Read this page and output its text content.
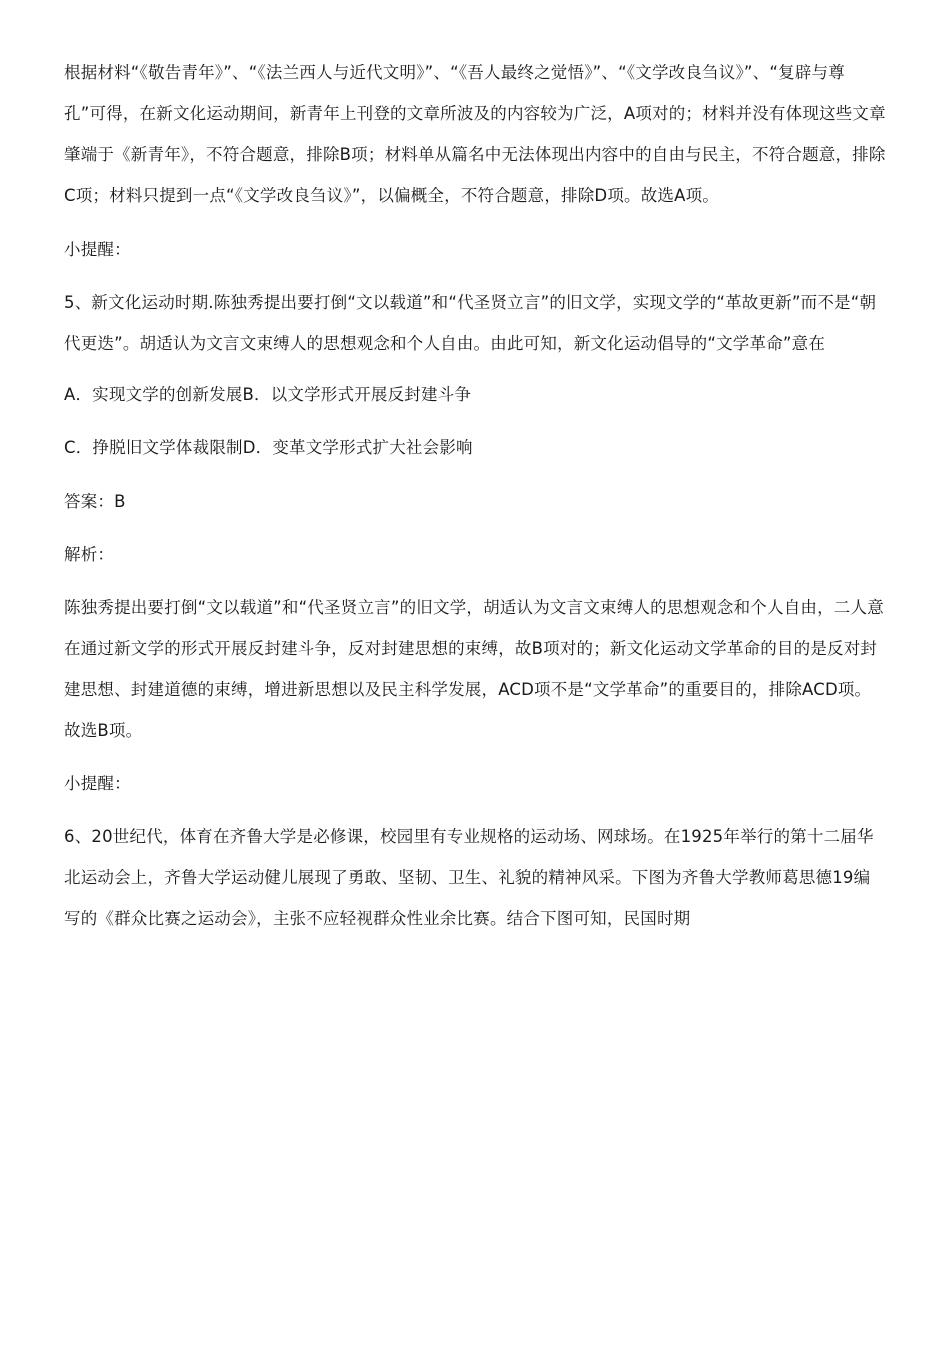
根据材料“《敬告青年》”、“《法兰西人与近代文明》”、“《吾人最终之觉悟》”、“《文学改良刍议》”、“复辟与尊孔”可得，在新文化运动期间，新青年上刊登的文章所波及的内容较为广泛，A项对的；材料并没有体现这些文章肇端于《新青年》，不符合题意，排除B项；材料单从篇名中无法体现出内容中的自由与民主，不符合题意，排除C项；材料只提到一点“《文学改良刍议》”，以偏概全，不符合题意，排除D项。故选A项。

小提醒：

5、新文化运动时期.陈独秀提出要打倒“文以载道”和“代圣贤立言”的旧文学，实现文学的“革故更新”而不是“朝代更迭”。胡适认为文言文束缚人的思想观念和个人自由。由此可知，新文化运动倡导的“文学革命”意在

A．实现文学的创新发展B．以文学形式开展反封建斗争

C．挣脱旧文学体裁限制D．变革文学形式扩大社会影响

答案：B

解析：

陈独秀提出要打倒“文以载道”和“代圣贤立言”的旧文学，胡适认为文言文束缚人的思想观念和个人自由，二人意在通过新文学的形式开展反封建斗争，反对封建思想的束缚，故B项对的；新文化运动文学革命的目的是反对封建思想、封建道德的束缚，增进新思想以及民主科学发展，ACD项不是“文学革命”的重要目的，排除ACD项。故选B项。

小提醒：

6、20世纪代，体育在齐鲁大学是必修课，校园里有专业规格的运动场、网球场。在1925年举行的第十二届华北运动会上，齐鲁大学运动健儿展现了勇敢、坚韧、卫生、礼貌的精神风采。下图为齐鲁大学教师葛思德19编写的《群众比赛之运动会》，主张不应轻视群众性业余比赛。结合下图可知，民国时期
